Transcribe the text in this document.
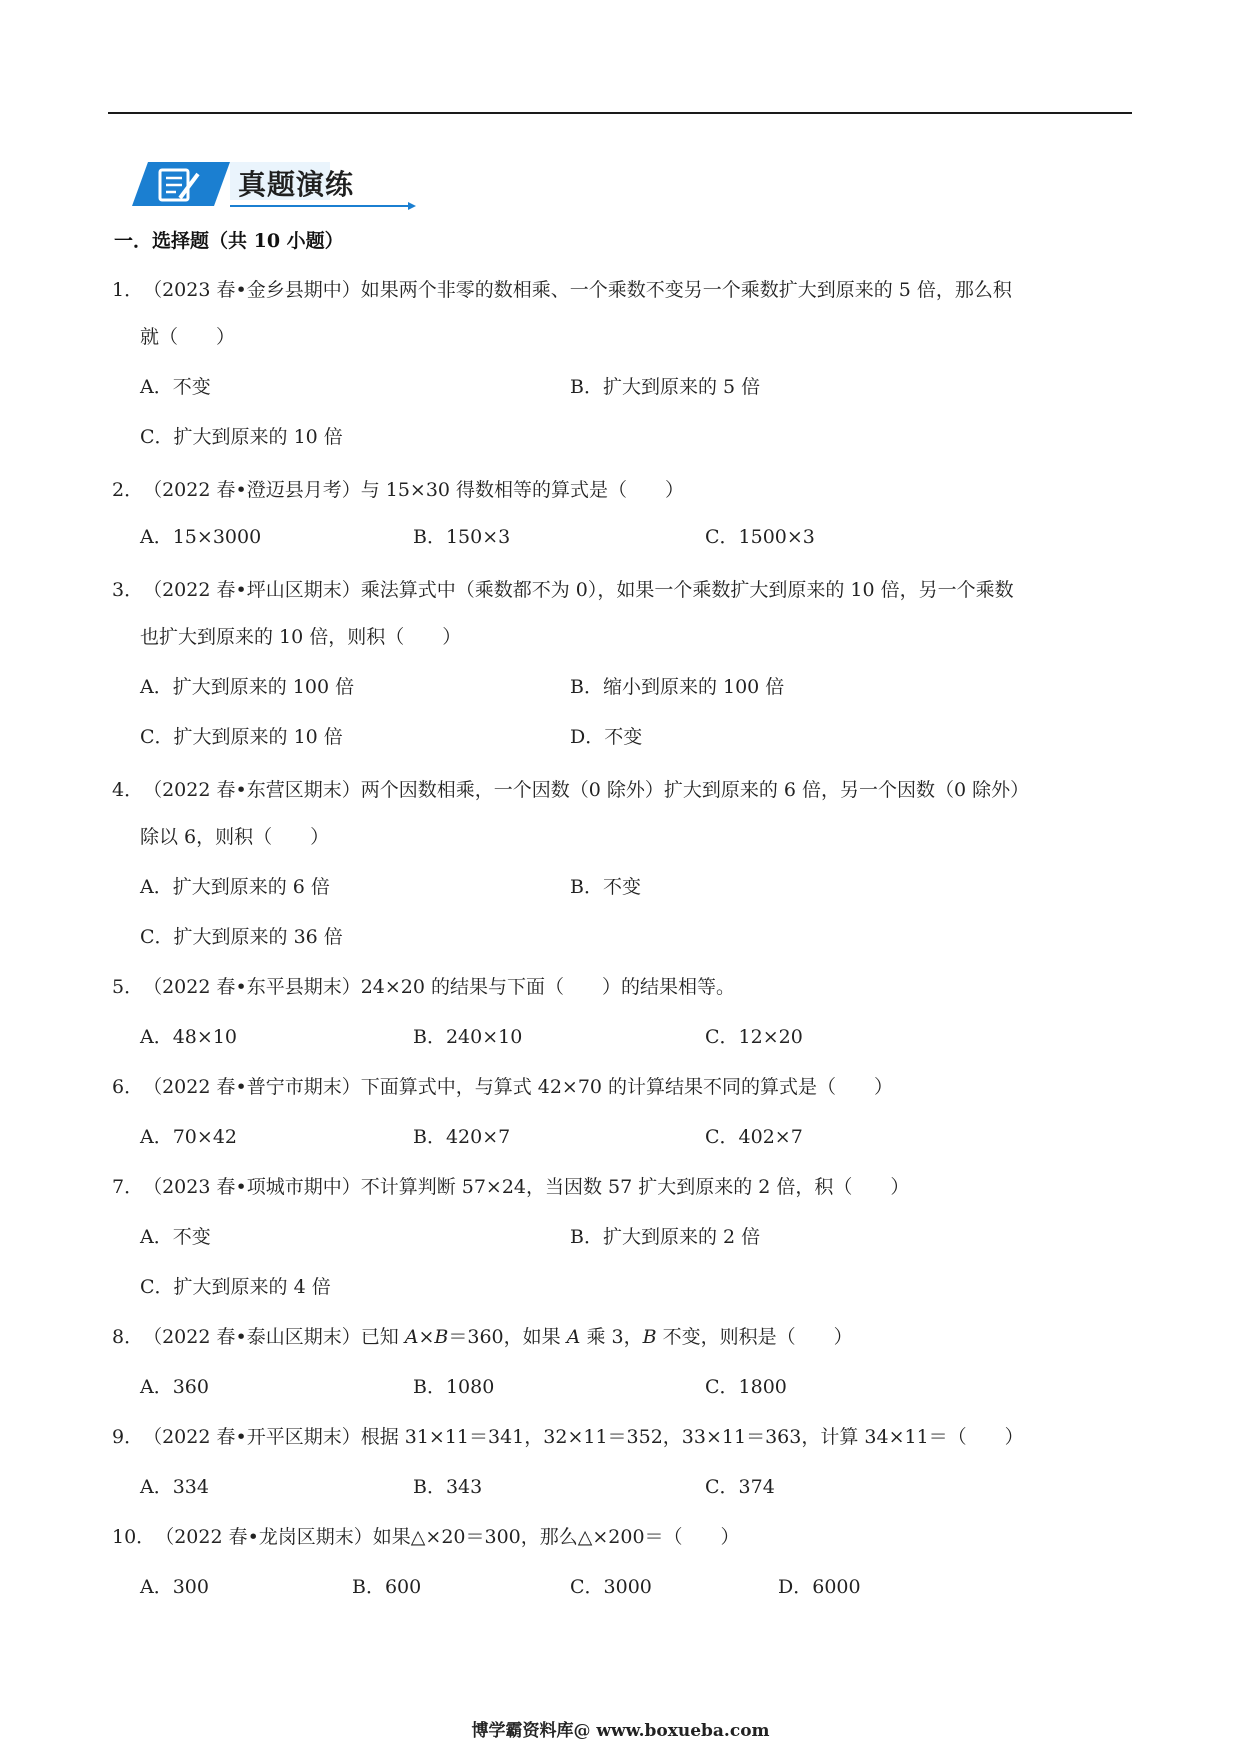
真题演练
一．选择题（共 10 小题）
1．（2023 春•金乡县期中）如果两个非零的数相乘、一个乘数不变另一个乘数扩大到原来的 5 倍，那么积
就（　　）
A．不变	B．扩大到原来的 5 倍
C．扩大到原来的 10 倍
2．（2022 春•澄迈县月考）与 15×30 得数相等的算式是（　　）
A．15×3000	B．150×3	C．1500×3
3．（2022 春•坪山区期末）乘法算式中（乘数都不为 0），如果一个乘数扩大到原来的 10 倍，另一个乘数
也扩大到原来的 10 倍，则积（　　）
A．扩大到原来的 100 倍	B．缩小到原来的 100 倍
C．扩大到原来的 10 倍	D．不变
4．（2022 春•东营区期末）两个因数相乘，一个因数（0 除外）扩大到原来的 6 倍，另一个因数（0 除外）
除以 6，则积（　　）
A．扩大到原来的 6 倍	B．不变
C．扩大到原来的 36 倍
5．（2022 春•东平县期末）24×20 的结果与下面（　　）的结果相等。
A．48×10	B．240×10	C．12×20
6．（2022 春•普宁市期末）下面算式中，与算式 42×70 的计算结果不同的算式是（　　）
A．70×42	B．420×7	C．402×7
7．（2023 春•项城市期中）不计算判断 57×24，当因数 57 扩大到原来的 2 倍，积（　　）
A．不变	B．扩大到原来的 2 倍
C．扩大到原来的 4 倍
8．（2022 春•泰山区期末）已知 A×B＝360，如果 A 乘 3，B 不变，则积是（　　）
A．360	B．1080	C．1800
9．（2022 春•开平区期末）根据 31×11＝341，32×11＝352，33×11＝363，计算 34×11＝（　　）
A．334	B．343	C．374
10．（2022 春•龙岗区期末）如果△×20＝300，那么△×200＝（　　）
A．300	B．600	C．3000	D．6000
博学霸资料库@ www.boxueba.com
